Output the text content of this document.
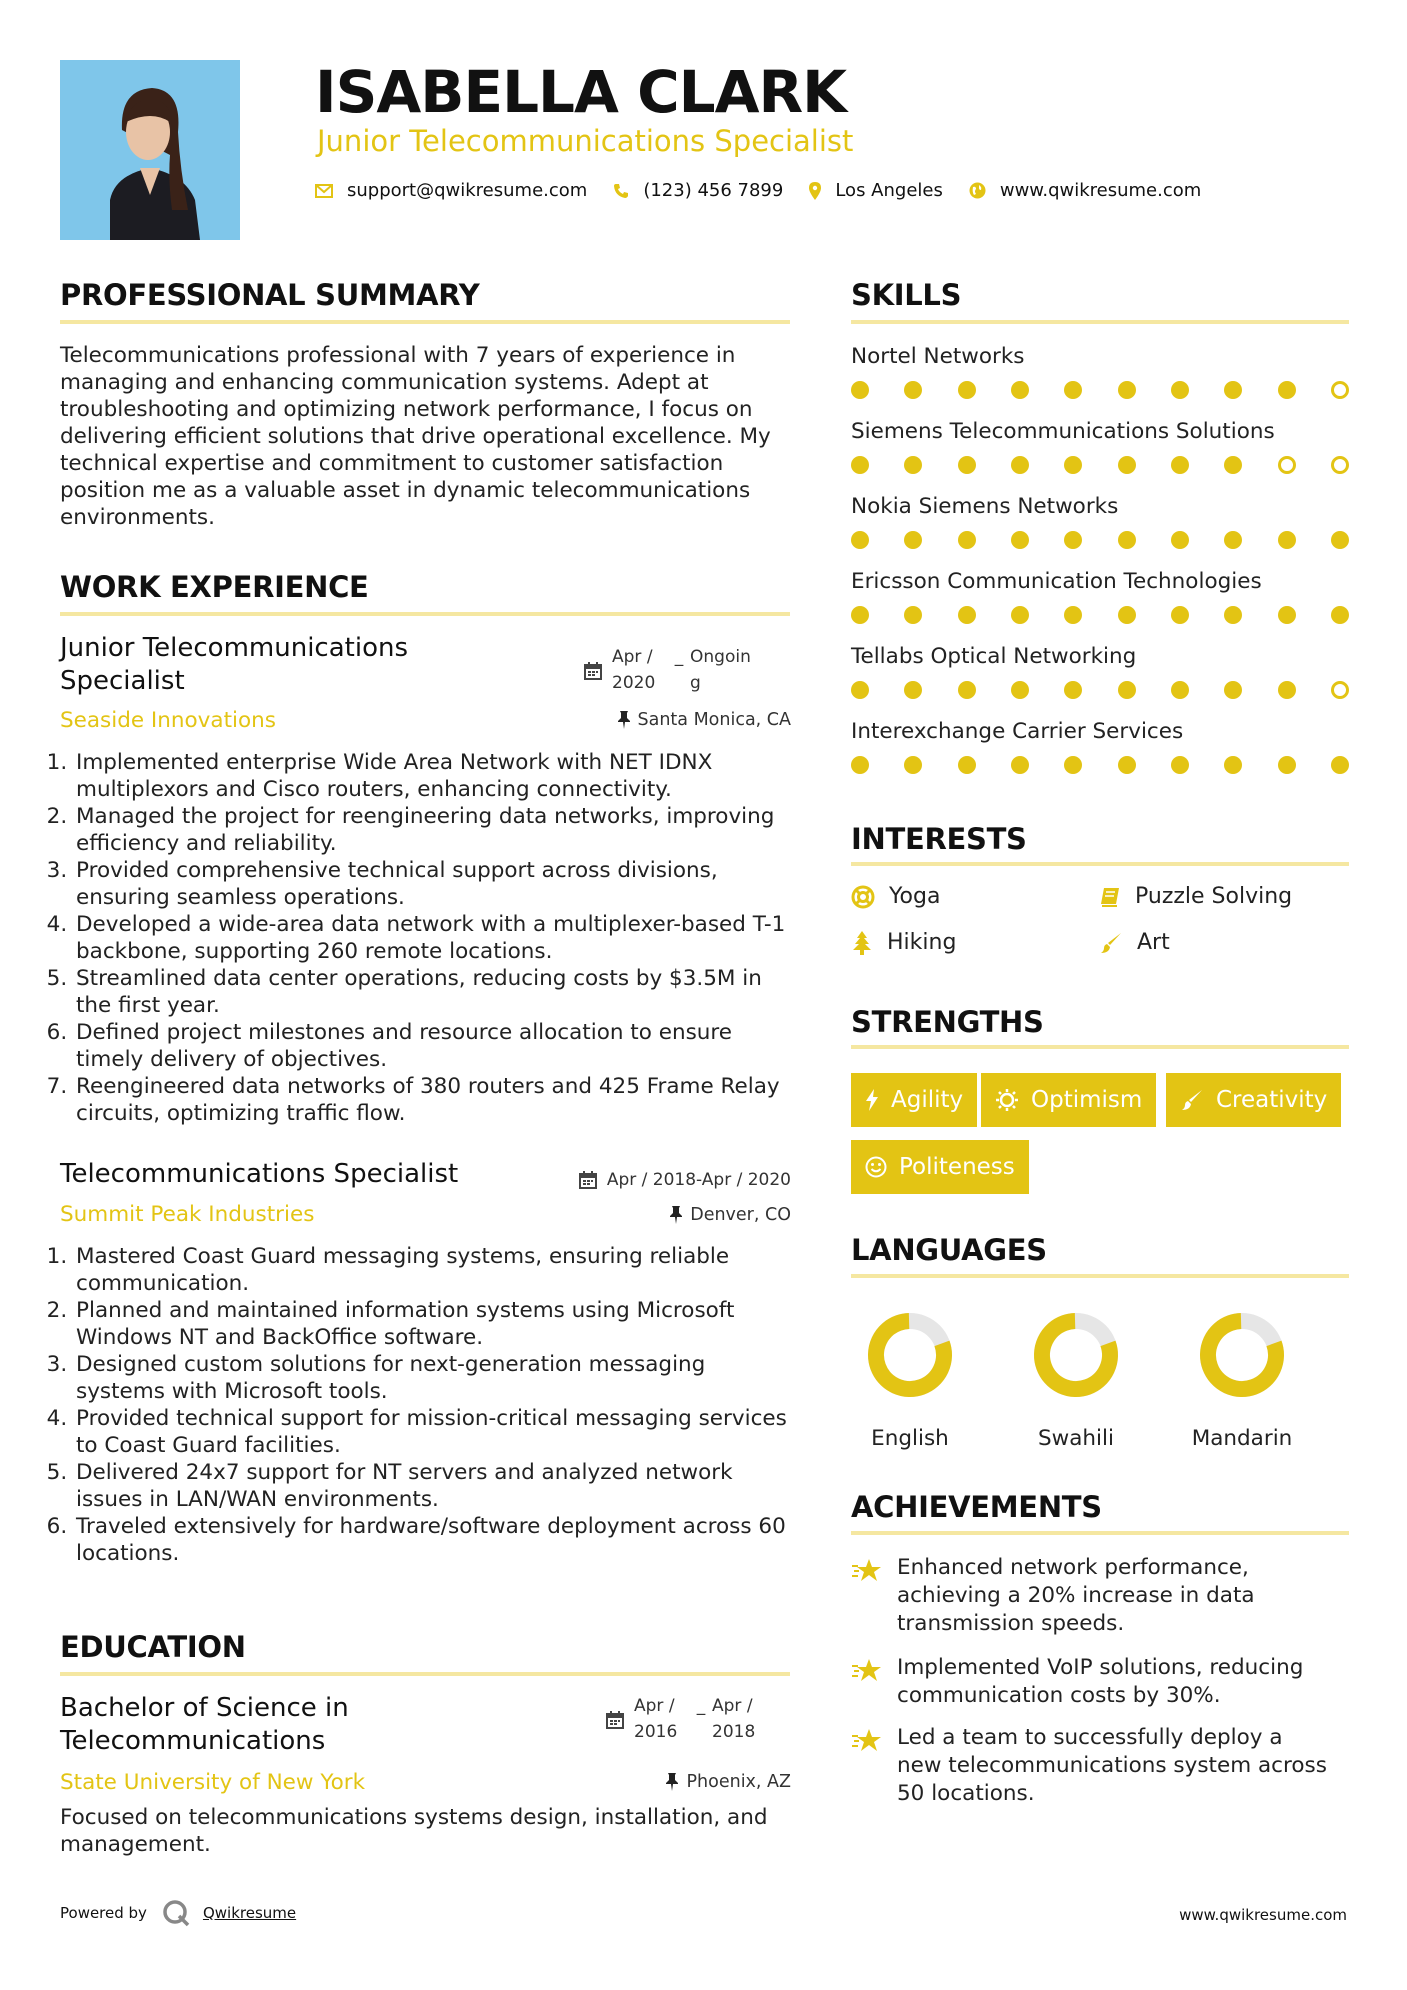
ISABELLA CLARK
Junior Telecommunications Specialist
support@qwikresume.com	(123) 456 7899	Los Angeles	www.qwikresume.com
PROFESSIONAL SUMMARY
Telecommunications professional with 7 years of experience in managing and enhancing communication systems. Adept at troubleshooting and optimizing network performance, I focus on delivering efficient solutions that drive operational excellence. My technical expertise and commitment to customer satisfaction position me as a valuable asset in dynamic telecommunications environments.
WORK EXPERIENCE
Junior Telecommunications Specialist
Apr / 2020
_ Ongoing
Seaside Innovations	Santa Monica, CA
1. Implemented enterprise Wide Area Network with NET IDNX multiplexors and Cisco routers, enhancing connectivity.
2. Managed the project for reengineering data networks, improving efficiency and reliability.
3. Provided comprehensive technical support across divisions, ensuring seamless operations.
4. Developed a wide-area data network with a multiplexer-based T-1 backbone, supporting 260 remote locations.
5. Streamlined data center operations, reducing costs by $3.5M in the first year.
6. Defined project milestones and resource allocation to ensure timely delivery of objectives.
7. Reengineered data networks of 380 routers and 425 Frame Relay circuits, optimizing traffic flow.
Telecommunications Specialist	Apr / 2018-Apr / 2020
Summit Peak Industries	Denver, CO
1. Mastered Coast Guard messaging systems, ensuring reliable communication.
2. Planned and maintained information systems using Microsoft Windows NT and BackOffice software.
3. Designed custom solutions for next-generation messaging systems with Microsoft tools.
4. Provided technical support for mission-critical messaging services to Coast Guard facilities.
5. Delivered 24x7 support for NT servers and analyzed network issues in LAN/WAN environments.
6. Traveled extensively for hardware/software deployment across 60 locations.
EDUCATION
Bachelor of Science in Telecommunications
Apr / 2016
_ Apr / 2018
State University of New York	Phoenix, AZ
Focused on telecommunications systems design, installation, and management.
SKILLS
Nortel Networks
Siemens Telecommunications Solutions
Nokia Siemens Networks
Ericsson Communication Technologies
Tellabs Optical Networking
Interexchange Carrier Services
INTERESTS
Yoga	Puzzle Solving
Hiking	Art
STRENGTHS
Agility	Optimism	Creativity
Politeness
LANGUAGES
English	Swahili	Mandarin
ACHIEVEMENTS
Enhanced network performance, achieving a 20% increase in data transmission speeds.
Implemented VoIP solutions, reducing communication costs by 30%.
Led a team to successfully deploy a new telecommunications system across 50 locations.
Powered by	Qwikresume	www.qwikresume.com
